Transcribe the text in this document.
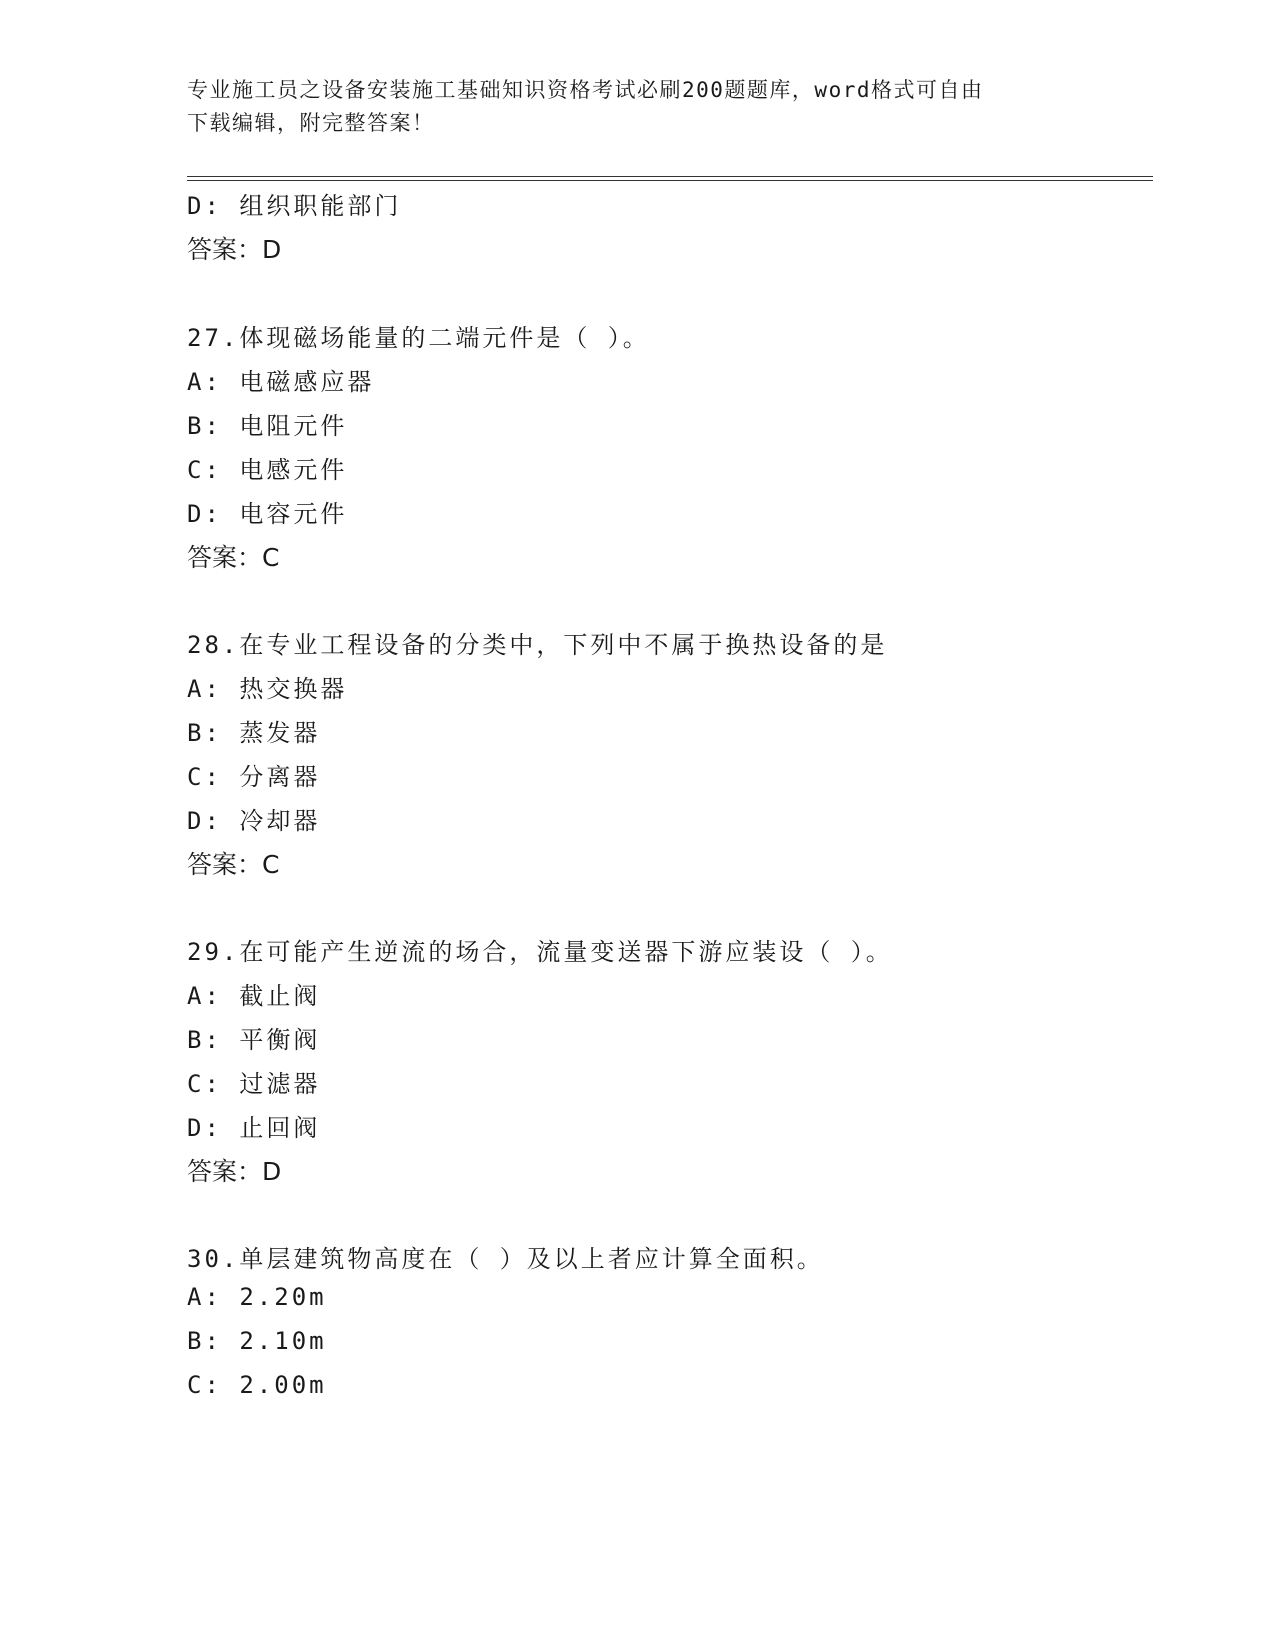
专业施工员之设备安装施工基础知识资格考试必刷200题题库，word格式可自由
下载编辑，附完整答案！
D: 组织职能部门
答案：D
27.体现磁场能量的二端元件是（ ）。
A: 电磁感应器
B: 电阻元件
C: 电感元件
D: 电容元件
答案：C
28.在专业工程设备的分类中，下列中不属于换热设备的是
A: 热交换器
B: 蒸发器
C: 分离器
D: 冷却器
答案：C
29.在可能产生逆流的场合，流量变送器下游应装设（ ）。
A: 截止阀
B: 平衡阀
C: 过滤器
D: 止回阀
答案：D
30.单层建筑物高度在（ ）及以上者应计算全面积。
A: 2.20m
B: 2.10m
C: 2.00m
